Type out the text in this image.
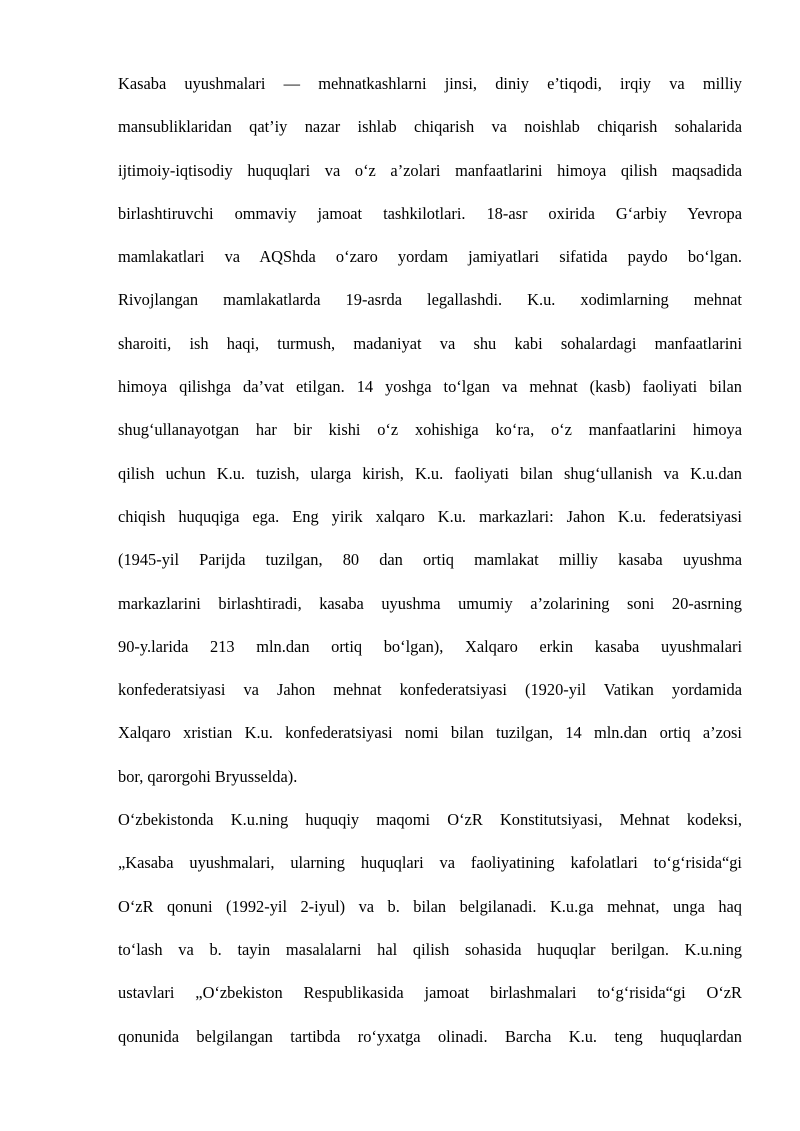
Kasaba uyushmalari — mehnatkashlarni jinsi, diniy e’tiqodi, irqiy va milliy
mansubliklaridan qat’iy nazar ishlab chiqarish va noishlab chiqarish sohalarida
ijtimoiy-iqtisodiy huquqlari va o‘z a’zolari manfaatlarini himoya qilish maqsadida
birlashtiruvchi ommaviy jamoat tashkilotlari. 18-asr oxirida G‘arbiy Yevropa
mamlakatlari va AQShda o‘zaro yordam jamiyatlari sifatida paydo bo‘lgan.
Rivojlangan mamlakatlarda 19-asrda legallashdi. K.u. xodimlarning mehnat
sharoiti, ish haqi, turmush, madaniyat va shu kabi sohalardagi manfaatlarini
himoya qilishga da’vat etilgan. 14 yoshga to‘lgan va mehnat (kasb) faoliyati bilan
shug‘ullanayotgan har bir kishi o‘z xohishiga ko‘ra, o‘z manfaatlarini himoya
qilish uchun K.u. tuzish, ularga kirish, K.u. faoliyati bilan shug‘ullanish va K.u.dan
chiqish huquqiga ega. Eng yirik xalqaro K.u. markazlari: Jahon K.u. federatsiyasi
(1945-yil Parijda tuzilgan, 80 dan ortiq mamlakat milliy kasaba uyushma
markazlarini birlashtiradi, kasaba uyushma umumiy a’zolarining soni 20-asrning
90-y.larida 213 mln.dan ortiq bo‘lgan), Xalqaro erkin kasaba uyushmalari
konfederatsiyasi va Jahon mehnat konfederatsiyasi (1920-yil Vatikan yordamida
Xalqaro xristian K.u. konfederatsiyasi nomi bilan tuzilgan, 14 mln.dan ortiq a’zosi
bor, qarorgohi Bryusselda).
O‘zbekistonda K.u.ning huquqiy maqomi O‘zR Konstitutsiyasi, Mehnat kodeksi,
„Kasaba uyushmalari, ularning huquqlari va faoliyatining kafolatlari to‘g‘risida“gi
O‘zR qonuni (1992-yil 2-iyul) va b. bilan belgilanadi. K.u.ga mehnat, unga haq
to‘lash va b. tayin masalalarni hal qilish sohasida huquqlar berilgan. K.u.ning
ustavlari „O‘zbekiston Respublikasida jamoat birlashmalari to‘g‘risida“gi O‘zR
qonunida belgilangan tartibda ro‘yxatga olinadi. Barcha K.u. teng huquqlardan
